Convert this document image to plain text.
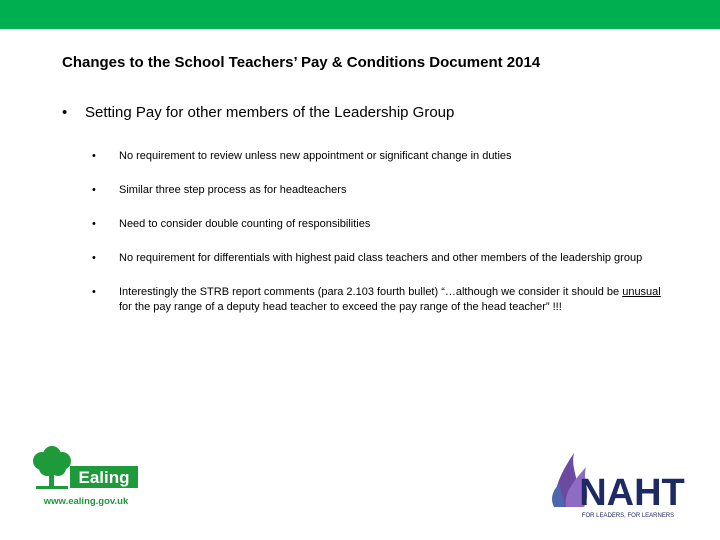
Changes to the School Teachers’ Pay & Conditions Document 2014
• Setting Pay for other members of the Leadership Group
•	No requirement to review unless new appointment or significant change in duties
•	Similar three step process as for headteachers
•	Need to consider double counting of responsibilities
•	No requirement for differentials with highest paid class teachers and other members of the leadership group
•	Interestingly the STRB report comments (para 2.103 fourth bullet) “…although we consider it should be unusual for the pay range of a deputy head teacher to exceed the pay range of the head teacher” !!!
Ealing
www.ealing.gov.uk	NAHT
FOR LEADERS, FOR LEARNERS
